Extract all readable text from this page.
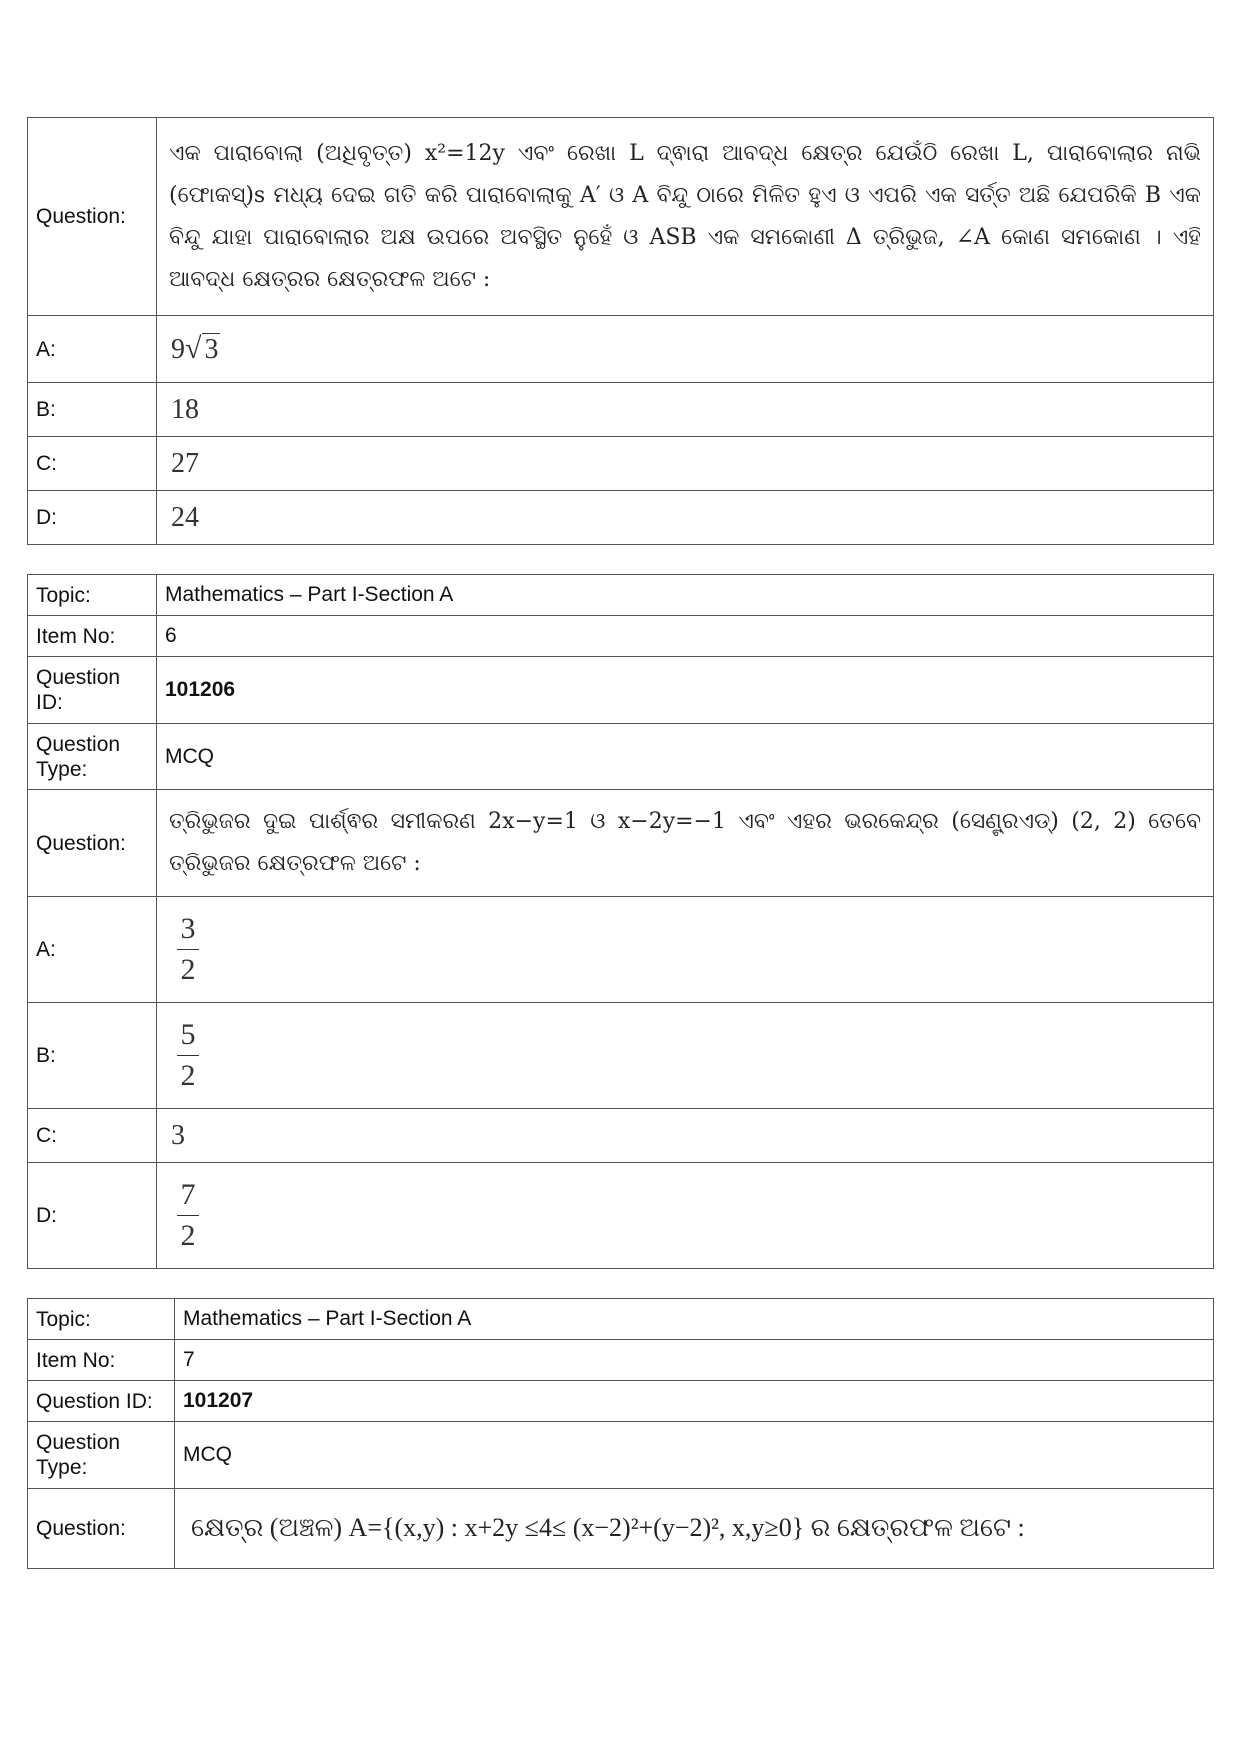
Question:	ଏକ ପାରାବୋଲା (ଅଧିବୃତ୍ତ) x²=12y ଏବଂ ରେଖା L ଦ୍ଵାରା ଆବଦ୍ଧ କ୍ଷେତ୍ର ଯେଉଁଠି ରେଖା L, ପାରାବୋଲାର ନାଭି (ଫୋକସ୍)s ମଧ୍ୟ ଦେଇ ଗତି କରି ପାରାବୋଲାକୁ A′ ଓ A ବିନ୍ଦୁ ଠାରେ ମିଳିତ ହୁଏ ଓ ଏପରି ଏକ ସର୍ତ୍ତ ଅଛି ଯେପରିକି B ଏକ ବିନ୍ଦୁ ଯାହା ପାରାବୋଲାର ଅକ୍ଷ ଉପରେ ଅବସ୍ଥିତ ନୁହେଁ ଓ ASB ଏକ ସମକୋଣୀ Δ ତ୍ରିଭୁଜ, ∠A କୋଣ ସମକୋଣ । ଏହି ଆବଦ୍ଧ କ୍ଷେତ୍ରର କ୍ଷେତ୍ରଫଳ ଅଟେ :

A:	9√ 3
B:	18
C:	27
D:	24
Topic:	Mathematics – Part I-Section A
Item No:	6
Question ID:	101206
Question Type:	MCQ
Question:	ତ୍ରିଭୁଜର ଦୁଇ ପାର୍ଶ୍ଵର ସମୀକରଣ 2x−y=1 ଓ x−2y=−1 ଏବଂ ଏହର ଭରକେନ୍ଦ୍ର (ସେଣ୍ଟ୍ରଏଡ୍) (2, 2) ତେବେ ତ୍ରିଭୁଜର କ୍ଷେତ୍ରଫଳ ଅଟେ :

A:	$\frac{3}{2}$

B:	$\frac{5}{2}$

C:	3
D:	$\frac{7}{2}$
Topic:	Mathematics – Part I-Section A
Item No:	7
Question ID:	101207
Question Type:	MCQ
Question:	କ୍ଷେତ୍ର (ଅଞ୍ଚଳ) A={(x,y) : x+2y ≤4≤ (x−2)²+(y−2)², x,y≥0} ର କ୍ଷେତ୍ରଫଳ ଅଟେ :
